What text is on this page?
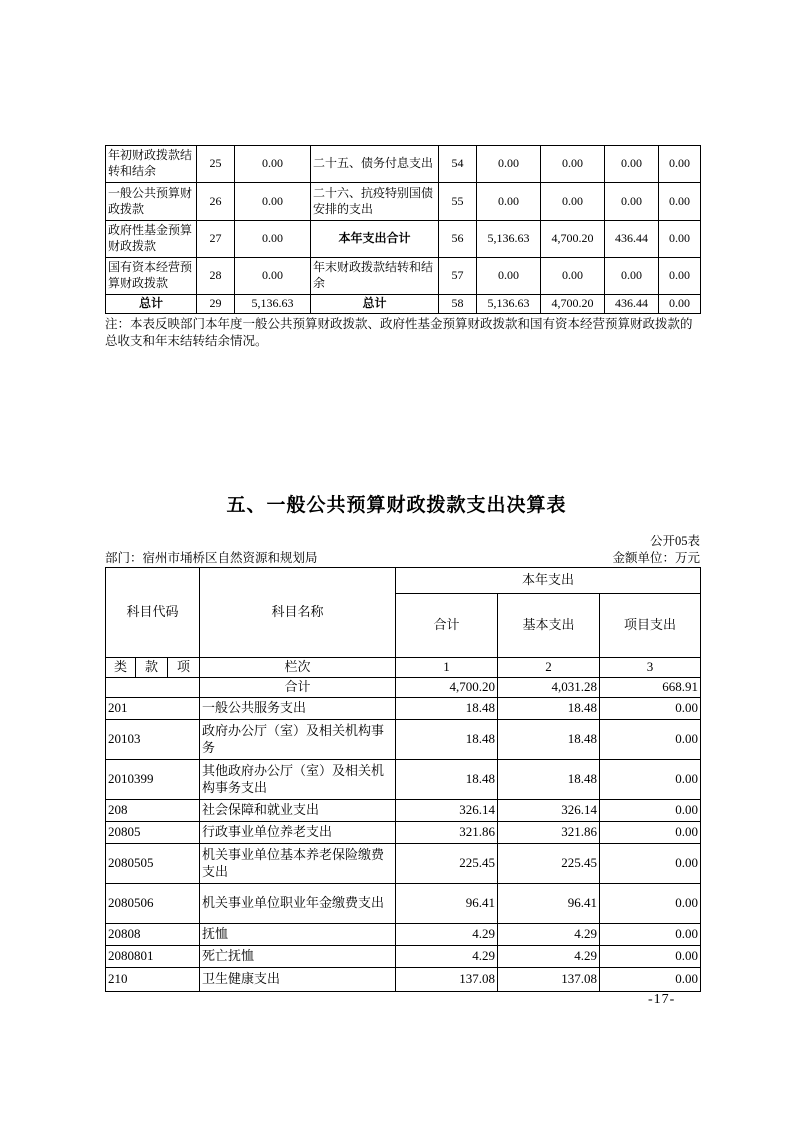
年初财政拨款结转和结余	25	0.00	二十五、债务付息支出	54	0.00	0.00	0.00	0.00
一般公共预算财政拨款	26	0.00	二十六、抗疫特别国债安排的支出	55	0.00	0.00	0.00	0.00
政府性基金预算财政拨款	27	0.00	本年支出合计	56	5,136.63	4,700.20	436.44	0.00
国有资本经营预算财政拨款	28	0.00	年末财政拨款结转和结余	57	0.00	0.00	0.00	0.00
总计	29	5,136.63	总计	58	5,136.63	4,700.20	436.44	0.00
注：本表反映部门本年度一般公共预算财政拨款、政府性基金预算财政拨款和国有资本经营预算财政拨款的总收支和年末结转结余情况。
五、一般公共预算财政拨款支出决算表
公开05表
部门：宿州市埇桥区自然资源和规划局	金额单位：万元
科目代码			科目名称	本年支出		
				合计	基本支出	项目支出
类	款	项	栏次	1	2	3
			合计	4,700.20	4,031.28	668.91
201			一般公共服务支出	18.48	18.48	0.00
20103			政府办公厅（室）及相关机构事务	18.48	18.48	0.00
2010399			其他政府办公厅（室）及相关机构事务支出	18.48	18.48	0.00
208			社会保障和就业支出	326.14	326.14	0.00
20805			行政事业单位养老支出	321.86	321.86	0.00
2080505			机关事业单位基本养老保险缴费支出	225.45	225.45	0.00
2080506			机关事业单位职业年金缴费支出	96.41	96.41	0.00
20808			抚恤	4.29	4.29	0.00
2080801			死亡抚恤	4.29	4.29	0.00
210			卫生健康支出	137.08	137.08	0.00
-17-
